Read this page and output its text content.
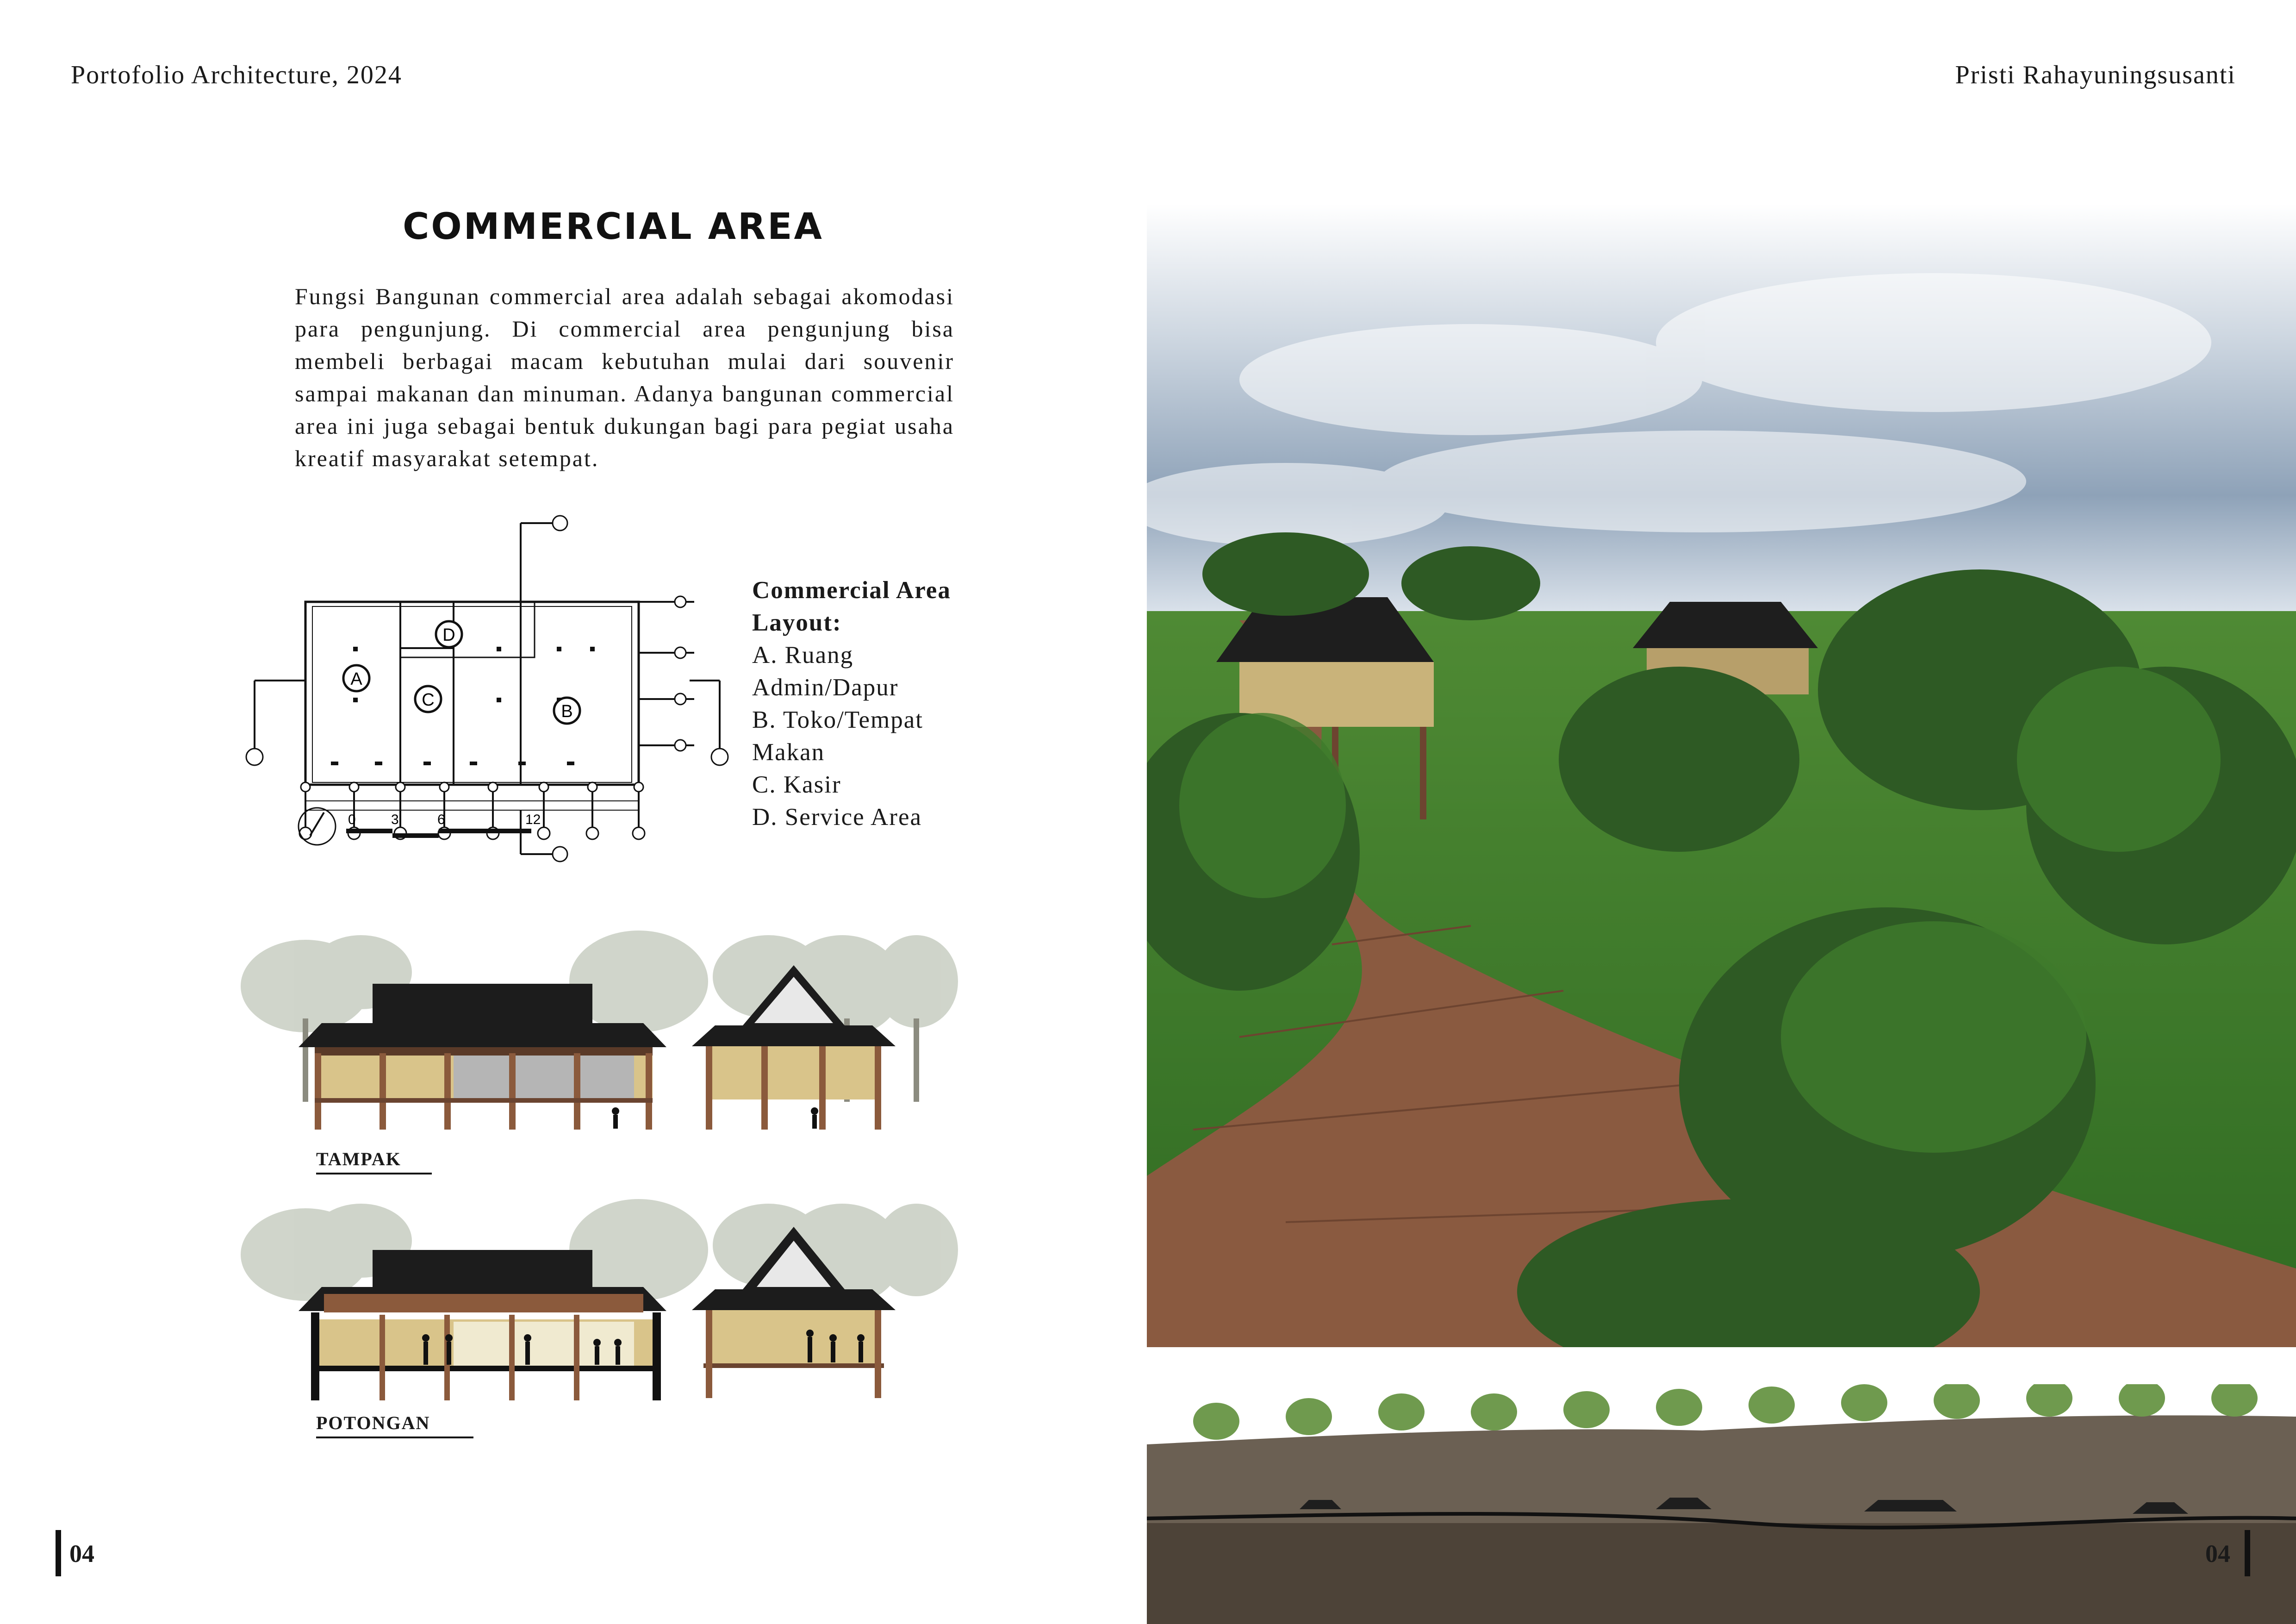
Portofolio Architecture, 2024	Pristi Rahayuningsusanti
COMMERCIAL AREA
Fungsi Bangunan commercial area adalah sebagai akomodasi para pengunjung. Di commercial area pengunjung bisa membeli berbagai macam kebutuhan mulai dari souvenir sampai makanan dan minuman. Adanya bangunan commercial area ini juga sebagai bentuk dukungan bagi para pegiat usaha kreatif masyarakat setempat.
A
B
C
D
0	3	6	12
Commercial Area
Layout:
A. Ruang
Admin/Dapur
B. Toko/Tempat
Makan
C. Kasir
D. Service Area
TAMPAK
POTONGAN
04	04
